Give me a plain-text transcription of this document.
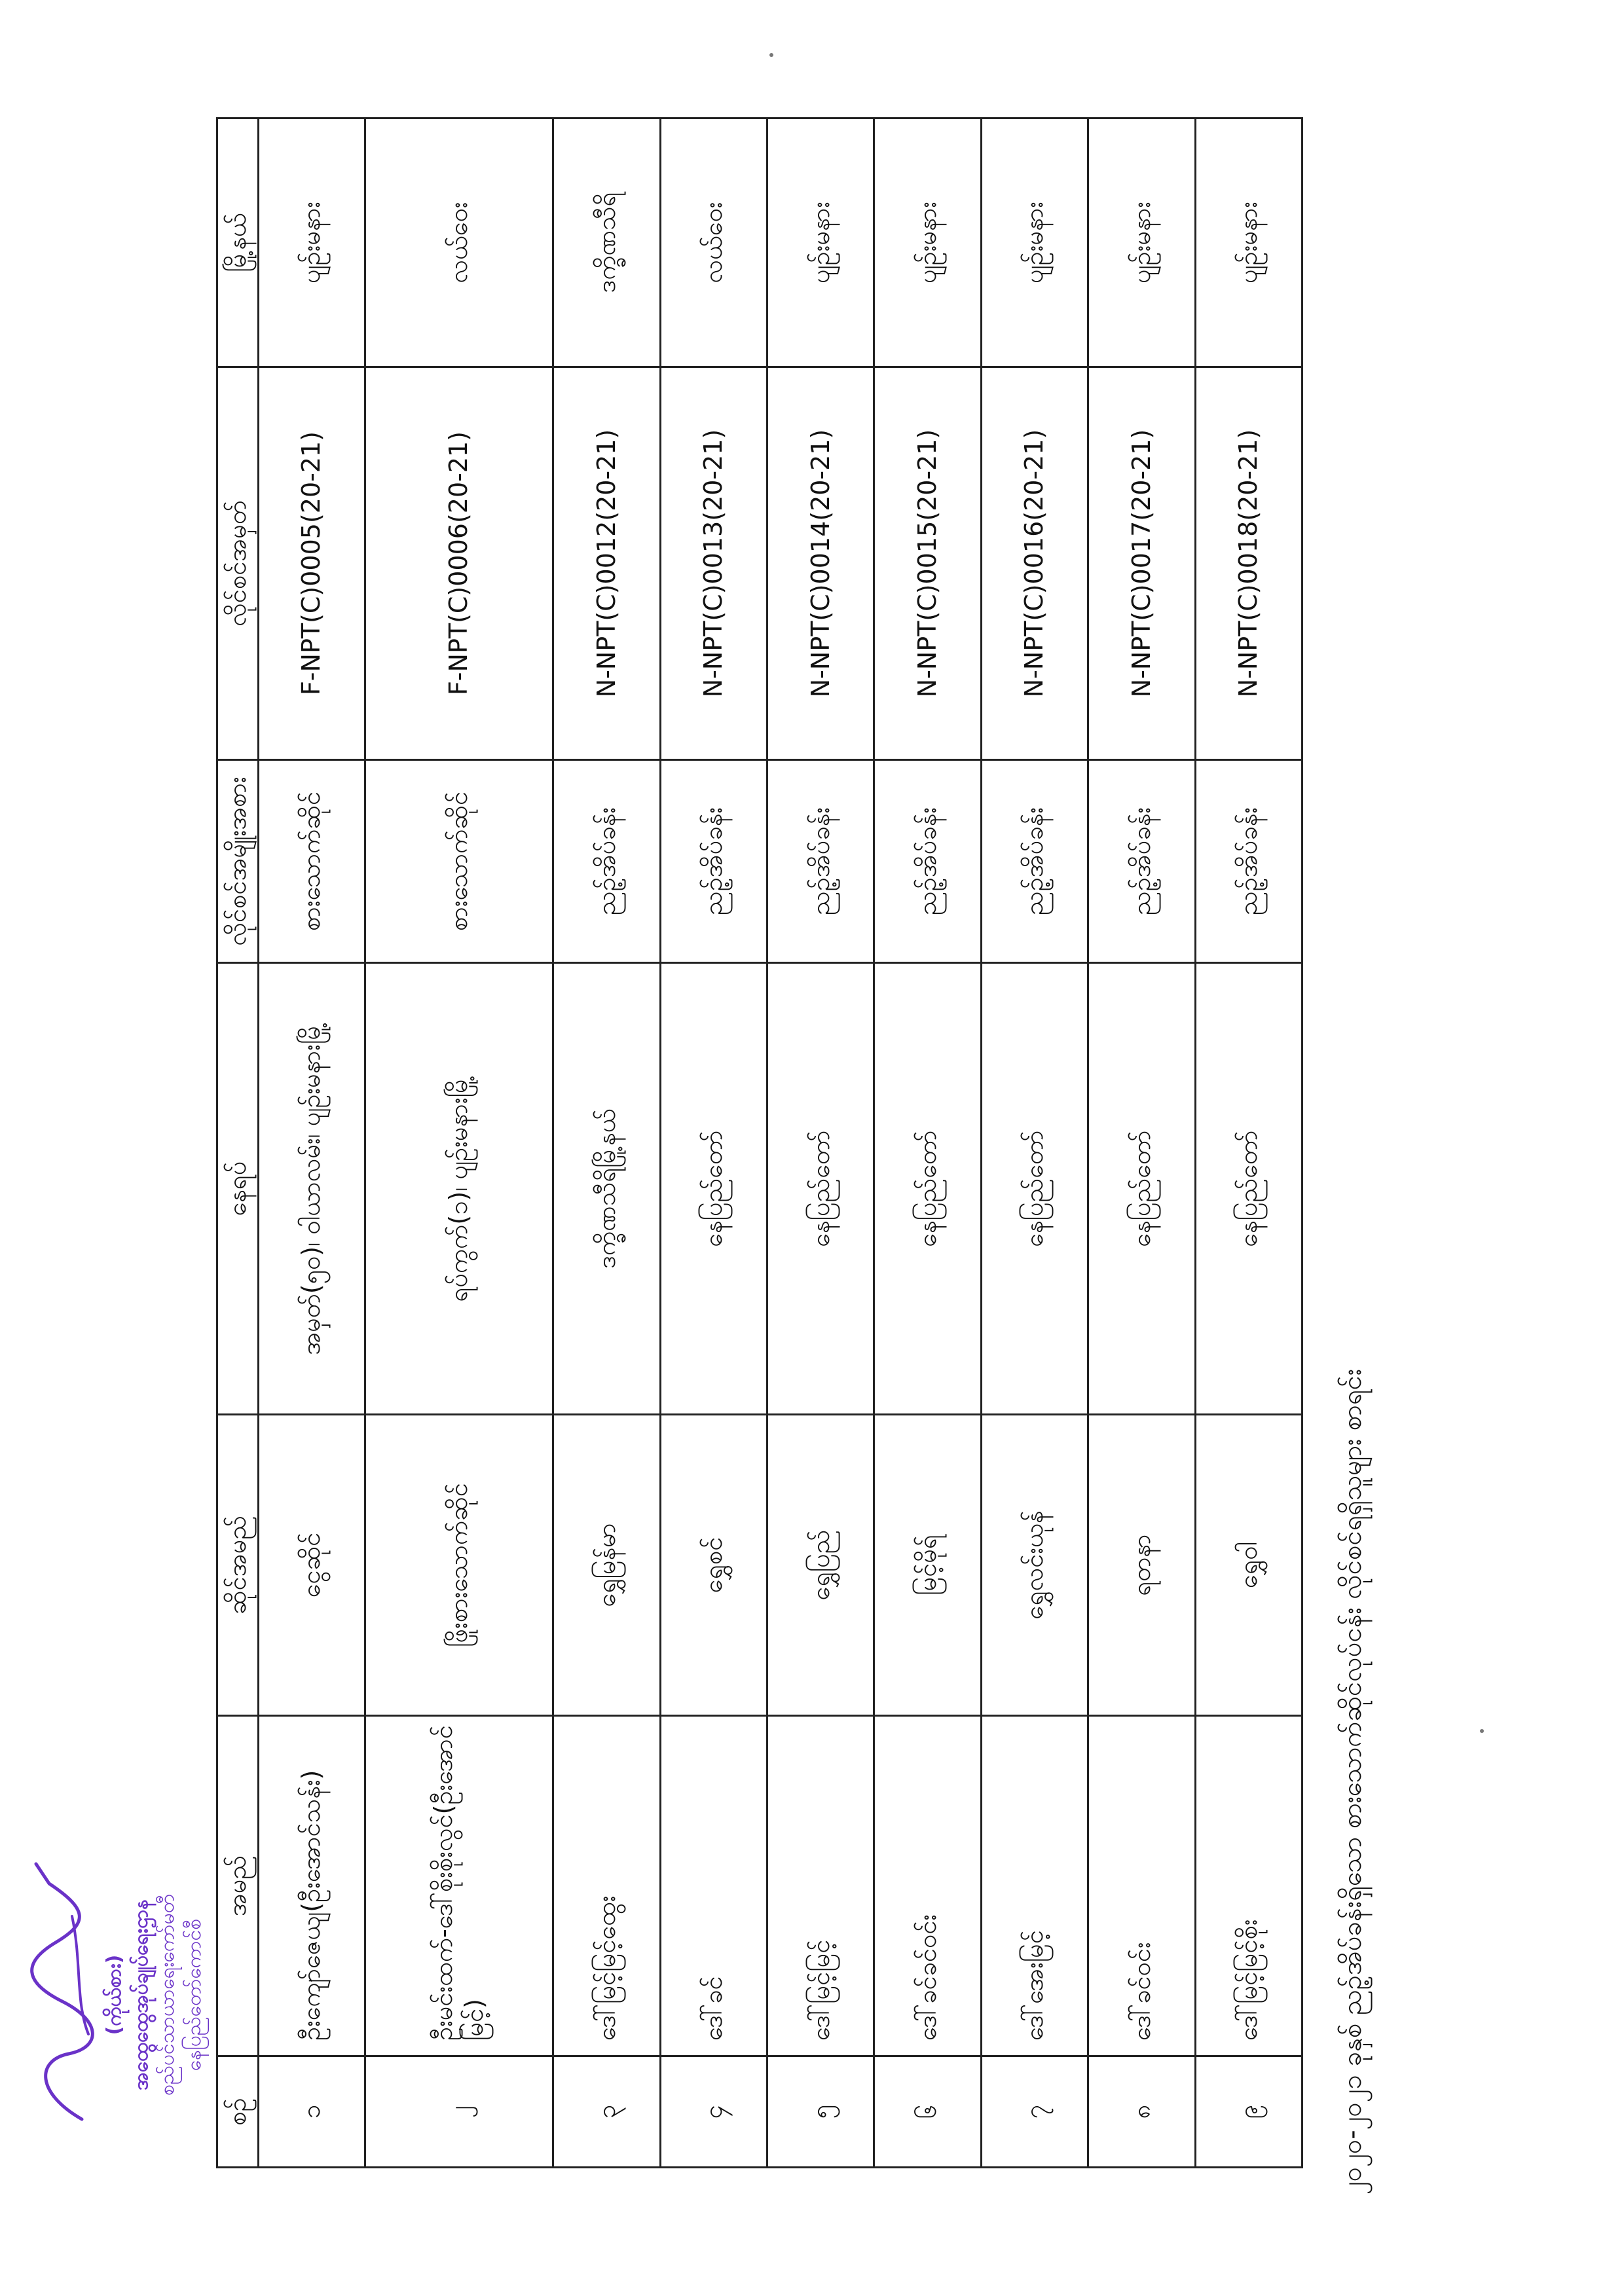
၂၀၂၀-၂၀၂၁ ခုနှစ် ညဥ့်အိပ်ခန်းရှိသော စားသောက်ဆိုင်လုပ်ငန်း လိုင်စင်ရရှိသူများ စာရင်း
စဥ်	အမည်	ဆိုင်အမည်	နေရပ်	လိုင်စင်အမျိုးအစား	လိုင်စင်အမှတ်	မြို့နယ်
၁	ဦးကျော်ဇေယျ(ဦးအောင်သန်း)	ငွေဆိုင်	အမှတ်(၅၀)၊ ဝါယာလမ်း၊ ပျဥ်းမနားမြို့	စားသောက်ဆိုင်	F-NPT(C)0005(20-21)	ပျဥ်းမနား
၂	ဦးမင်းထက်-ဒေါ်စိုးစိုးလွင်(ဦးအောင်မြင့်)	ဖြိုးစားသောက်ဆိုင်	ရပ်ကွက်(၁)၊ ပျဥ်းမနားမြို့	စားသောက်ဆိုင်	F-NPT(C)0006(20-21)	လယ်ဝေး
၃	ဒေါ်မြင့်မြင့်ထွေး	ရွှေမြန်မာ	ဒက္ခိဏသီရိမြို့နယ်	ညဥ့်အိပ်ခန်း	N-NPT(C)0012(20-21)	ဒက္ခိဏသီရိ
၄	ဒေါ်ခင်	ရွှေစင်	နေပြည်တော်	ညဥ့်အိပ်ခန်း	N-NPT(C)0013(20-21)	လယ်ဝေး
၅	ဒေါ်မြင့်မြင့်	ရွှေပြည်	နေပြည်တော်	ညဥ့်အိပ်ခန်း	N-NPT(C)0014(20-21)	ပျဥ်းမနား
၆	ဒေါ်ခင်ခင်ဝင်း	မြင့်မိုရ်	နေပြည်တော်	ညဥ့်အိပ်ခန်း	N-NPT(C)0015(20-21)	ပျဥ်းမနား
၇	ဒေါ်အေးမြင့်	ရွှေလင်းယုန်	နေပြည်တော်	ညဥ့်အိပ်ခန်း	N-NPT(C)0016(20-21)	ပျဥ်းမနား
၈	ဒေါ်ခင်ဝင်း	ရတနာ	နေပြည်တော်	ညဥ့်အိပ်ခန်း	N-NPT(C)0017(20-21)	ပျဥ်းမနား
၉	ဒေါ်မြင့်မြင့်စိုး	ရွှေဝါ	နေပြည်တော်	ညဥ့်အိပ်ခန်း	N-NPT(C)0018(20-21)	ပျဥ်းမနား
(ကိုယ်စား) အထွေထွေအုပ်ချုပ်ရေးဌာန စည်ပင်သာယာရေးကော်မတီ နေပြည်တော်ကောင်စီ
